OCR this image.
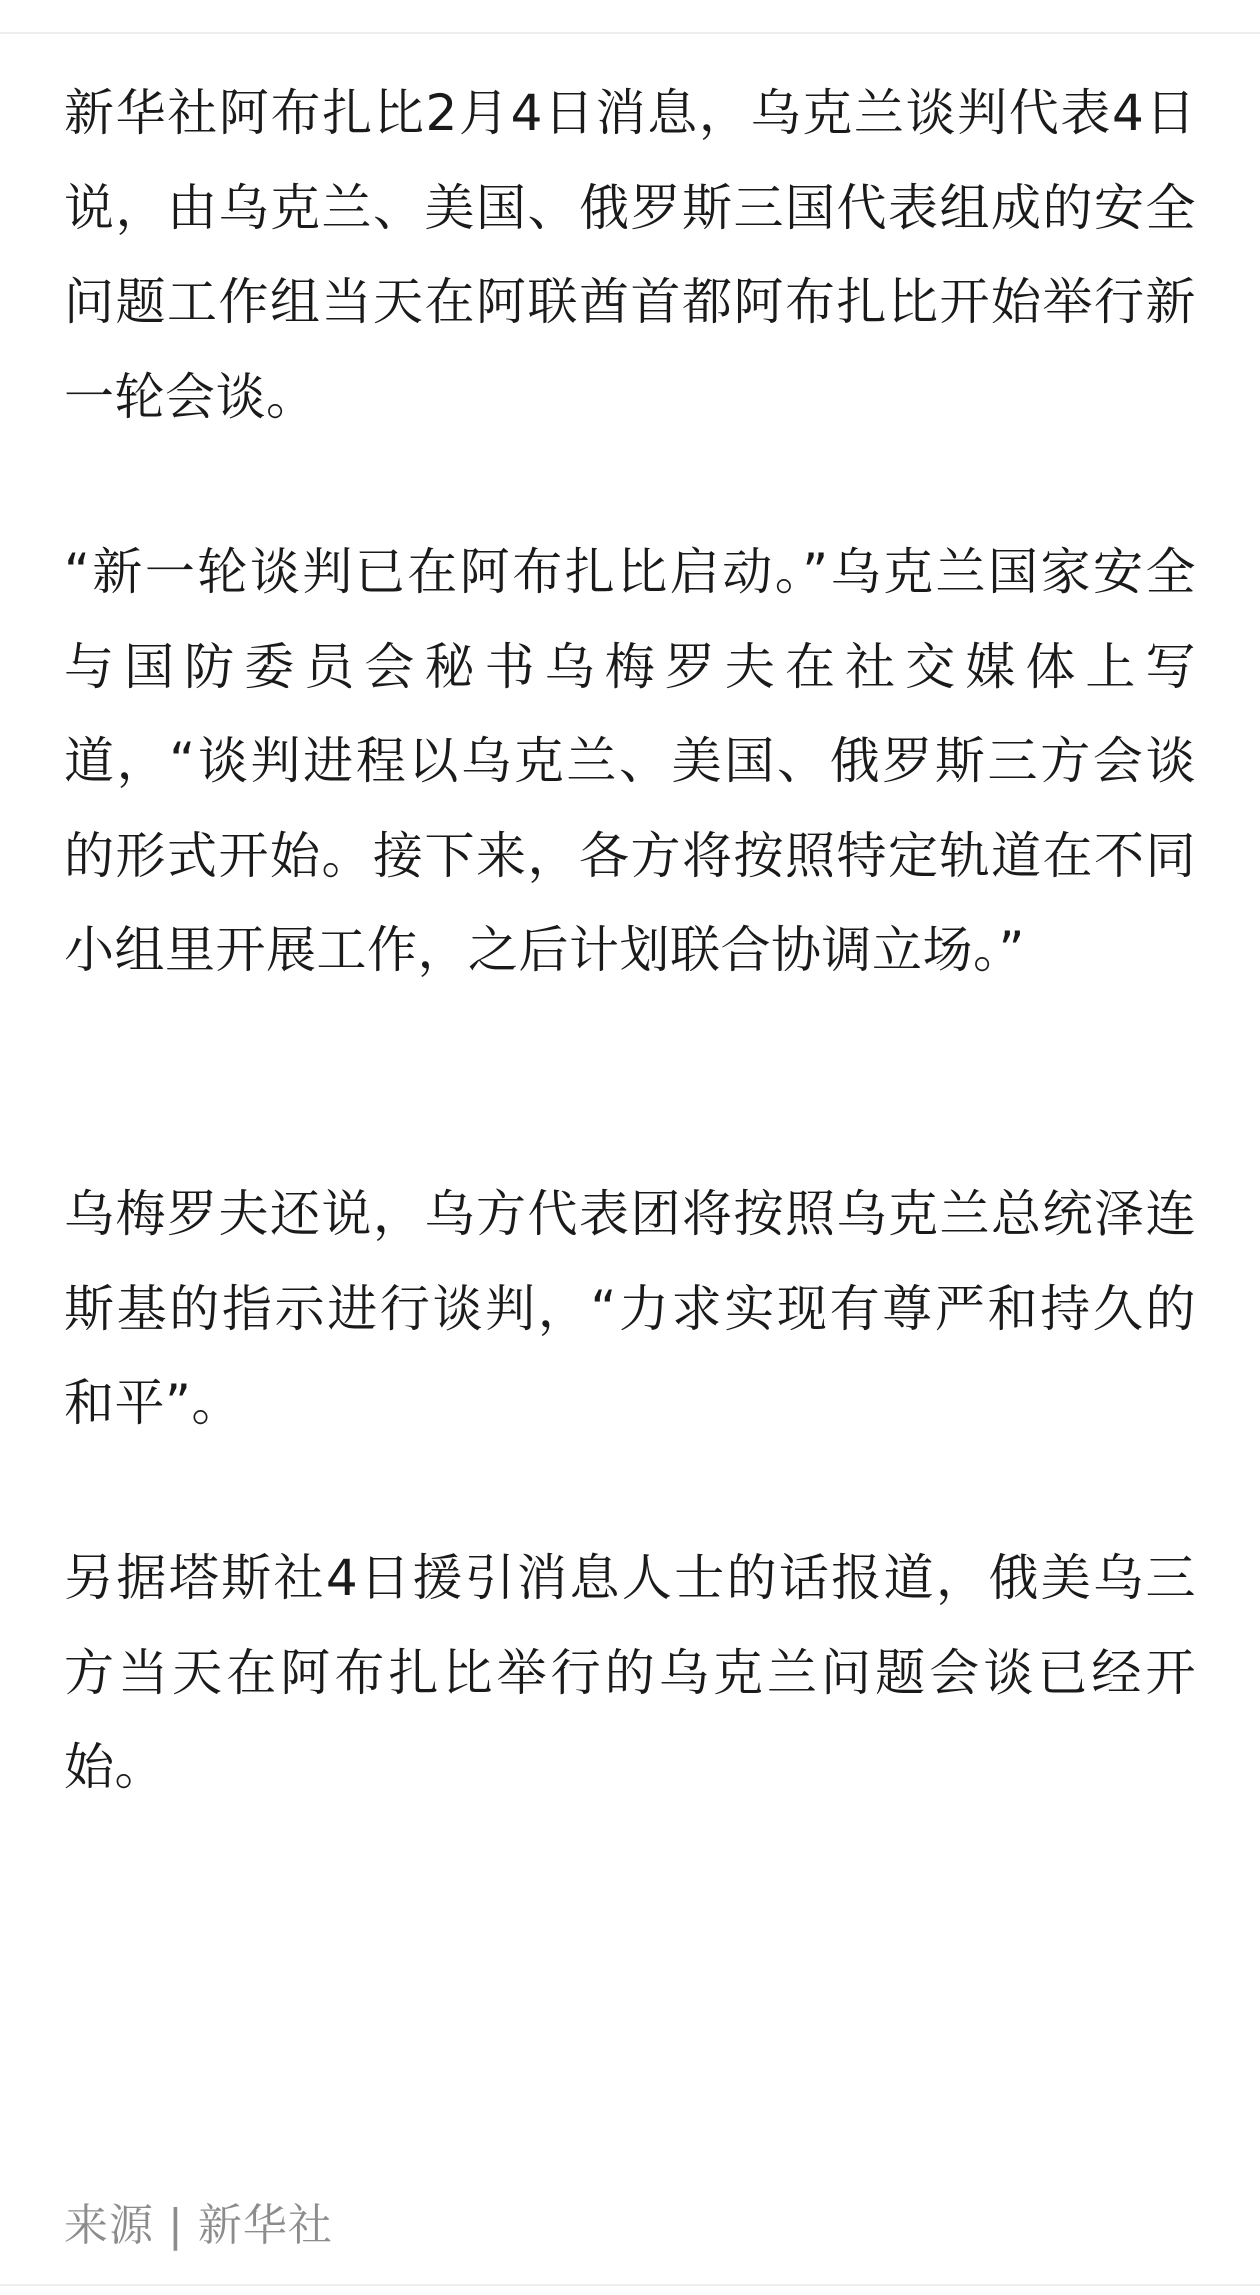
新华社阿布扎比2月4日消息，乌克兰谈判代表4日说，由乌克兰、美国、俄罗斯三国代表组成的安全问题工作组当天在阿联酋首都阿布扎比开始举行新一轮会谈。

“新一轮谈判已在阿布扎比启动。”乌克兰国家安全与国防委员会秘书乌梅罗夫在社交媒体上写道，“谈判进程以乌克兰、美国、俄罗斯三方会谈的形式开始。接下来，各方将按照特定轨道在不同小组里开展工作，之后计划联合协调立场。”

乌梅罗夫还说，乌方代表团将按照乌克兰总统泽连斯基的指示进行谈判，“力求实现有尊严和持久的和平”。

另据塔斯社4日援引消息人士的话报道，俄美乌三方当天在阿布扎比举行的乌克兰问题会谈已经开始。

来源 | 新华社
